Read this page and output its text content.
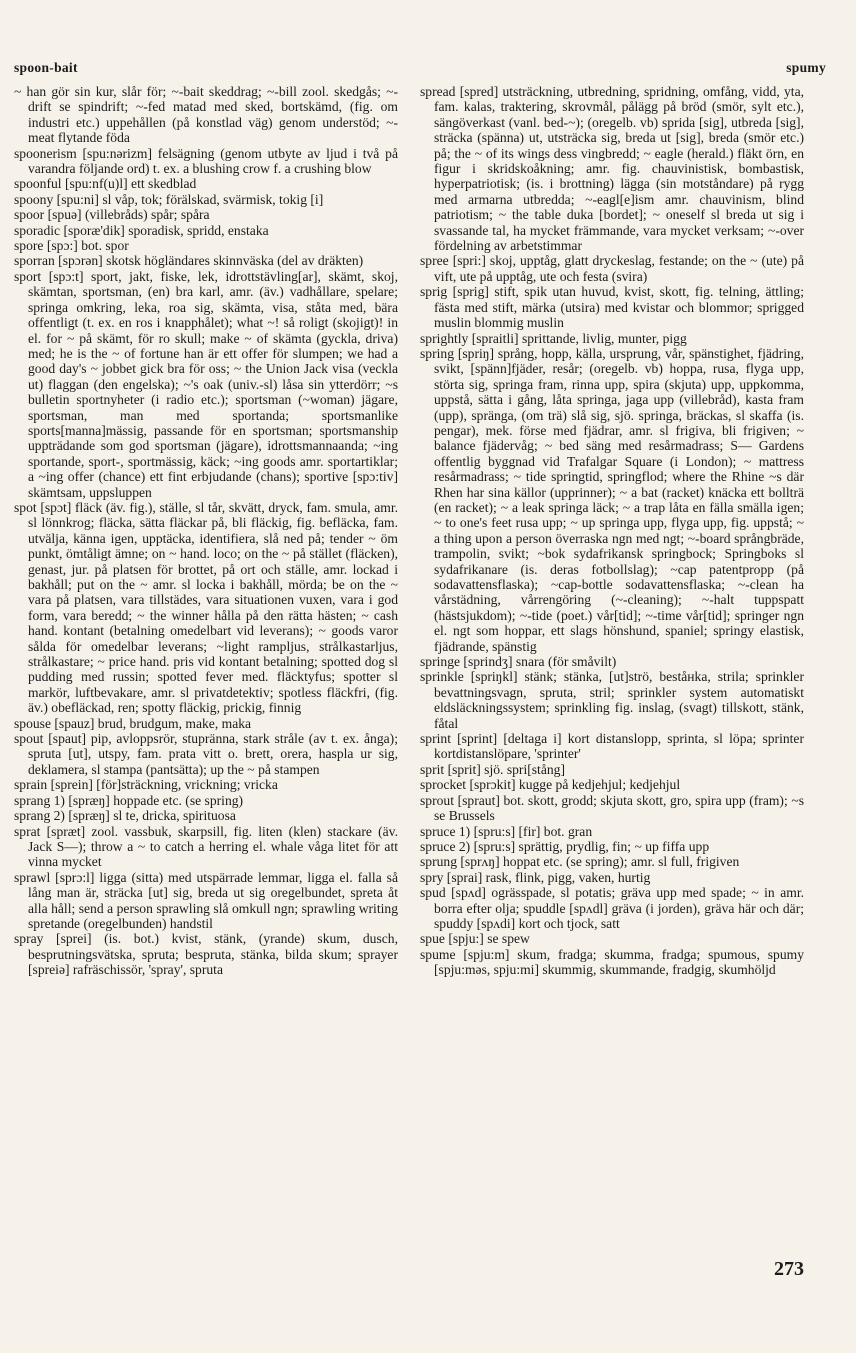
spoon-bait	spumy

~ han gör sin kur, slår för; ~-bait skeddrag; ~-bill zool. skedgås; ~-drift se spindrift; ~-fed matad med sked, bortskämd, (fig. om industri etc.) uppehållen (på konstlad väg) genom understöd; ~-meat flytande föda

spoonerism [spu:nərizm] felsägning (genom utbyte av ljud i två på varandra följande ord) t. ex. a blushing crow f. a crushing blow

spoonful [spu:nf(u)l] ett skedblad

spoony [spu:ni] sl våp, tok; förälskad, svärmisk, tokig [i]

spoor [spuə] (villebråds) spår; spåra

sporadic [sporæ'dik] sporadisk, spridd, enstaka

spore [spɔ:] bot. spor

sporran [spɔrən] skotsk högländares skinnväska (del av dräkten)

sport [spɔ:t] sport, jakt, fiske, lek, idrottstävling[ar], skämt, skoj, skämtan, sportsman, (en) bra karl, amr. (äv.) vadhållare, spelare; springa omkring, leka, roa sig, skämta, visa, ståta med, bära offentligt (t. ex. en ros i knapphålet); what ~! så roligt (skojigt)! in el. for ~ på skämt, för ro skull; make ~ of skämta (gyckla, driva) med; he is the ~ of fortune han är ett offer för slumpen; we had a good day's ~ jobbet gick bra för oss; ~ the Union Jack visa (veckla ut) flaggan (den engelska); ~'s oak (univ.-sl) låsa sin ytterdörr; ~s bulletin sportnyheter (i radio etc.); sportsman (~woman) jägare, sportsman, man med sportanda; sportsmanlike sports[manna]mässig, passande för en sportsman; sportsmanship uppträdande som god sportsman (jägare), idrottsmannaanda; ~ing sportande, sport-, sportmässig, käck; ~ing goods amr. sportartiklar; a ~ing offer (chance) ett fint erbjudande (chans); sportive [spɔ:tiv] skämtsam, uppsluppen

spot [spɔt] fläck (äv. fig.), ställe, sl tår, skvätt, dryck, fam. smula, amr. sl lönnkrog; fläcka, sätta fläckar på, bli fläckig, fig. befläcka, fam. utvälja, känna igen, upptäcka, identifiera, slå ned på; tender ~ öm punkt, ömtåligt ämne; on ~ hand. loco; on the ~ på stället (fläcken), genast, jur. på platsen för brottet, på ort och ställe, amr. lockad i bakhåll; put on the ~ amr. sl locka i bakhåll, mörda; be on the ~ vara på platsen, vara tillstädes, vara situationen vuxen, vara i god form, vara beredd; ~ the winner hålla på den rätta hästen; ~ cash hand. kontant (betalning omedelbart vid leverans); ~ goods varor sålda för omedelbar leverans; ~light rampljus, strålkastarljus, strålkastare; ~ price hand. pris vid kontant betalning; spotted dog sl pudding med russin; spotted fever med. fläcktyfus; spotter sl markör, luftbevakare, amr. sl privatdetektiv; spotless fläckfri, (fig. äv.) obefläckad, ren; spotty fläckig, prickig, finnig

spouse [spauz] brud, brudgum, make, maka

spout [spaut] pip, avloppsrör, stupränna, stark stråle (av t. ex. ånga); spruta [ut], utspy, fam. prata vitt o. brett, orera, haspla ur sig, deklamera, sl stampa (pantsätta); up the ~ på stampen

sprain [sprein] [för]sträckning, vrickning; vricka

sprang 1) [spræŋ] hoppade etc. (se spring)

sprang 2) [spræŋ] sl te, dricka, spirituosa

sprat [spræt] zool. vassbuk, skarpsill, fig. liten (klen) stackare (äv. Jack S—); throw a ~ to catch a herring el. whale våga litet för att vinna mycket

sprawl [sprɔ:l] ligga (sitta) med utspärrade lemmar, ligga el. falla så lång man är, sträcka [ut] sig, breda ut sig oregelbundet, spreta åt alla håll; send a person sprawling slå omkull ngn; sprawling writing spretande (oregelbunden) handstil

spray [sprei] (is. bot.) kvist, stänk, (yrande) skum, dusch, besprutningsvätska, spruta; bespruta, stänka, bilda skum; sprayer [spreiə] rafräschissör, 'spray', spruta

spread [spred] utsträckning, utbredning, spridning, omfång, vidd, yta, fam. kalas, traktering, skrovmål, pålägg på bröd (smör, sylt etc.), sängöverkast (vanl. bed-~); (oregelb. vb) sprida [sig], utbreda [sig], sträcka (spänna) ut, utsträcka sig, breda ut [sig], breda (smör etc.) på; the ~ of its wings dess vingbredd; ~ eagle (herald.) fläkt örn, en figur i skridskoåkning; amr. fig. chauvinistisk, bombastisk, hyperpatriotisk; (is. i brottning) lägga (sin motståndare) på rygg med armarna utbredda; ~-eagl[e]ism amr. chauvinism, blind patriotism; ~ the table duka [bordet]; ~ oneself sl breda ut sig i svassande tal, ha mycket främmande, vara mycket verksam; ~-over fördelning av arbetstimmar

spree [spri:] skoj, upptåg, glatt dryckeslag, festande; on the ~ (ute) på vift, ute på upptåg, ute och festa (svira)

sprig [sprig] stift, spik utan huvud, kvist, skott, fig. telning, ättling; fästa med stift, märka (utsira) med kvistar och blommor; sprigged muslin blommig muslin

sprightly [spraitli] sprittande, livlig, munter, pigg

spring [spriŋ] språng, hopp, källa, ursprung, vår, spänstighet, fjädring, svikt, [spänn]fjäder, resår; (oregelb. vb) hoppa, rusa, flyga upp, störta sig, springa fram, rinna upp, spira (skjuta) upp, uppkomma, uppstå, sätta i gång, låta springa, jaga upp (villebråd), kasta fram (upp), spränga, (om trä) slå sig, sjö. springa, bräckas, sl skaffa (is. pengar), mek. förse med fjädrar, amr. sl frigiva, bli frigiven; ~ balance fjädervåg; ~ bed säng med resårmadrass; S— Gardens offentlig byggnad vid Trafalgar Square (i London); ~ mattress resårmadrass; ~ tide springtid, springflod; where the Rhine ~s där Rhen har sina källor (upprinner); ~ a bat (racket) knäcka ett bollträ (en racket); ~ a leak springa läck; ~ a trap låta en fälla smälla igen; ~ to one's feet rusa upp; ~ up springa upp, flyga upp, fig. uppstå; ~ a thing upon a person överraska ngn med ngt; ~-board språngbräde, trampolin, svikt; ~bok sydafrikansk springbock; Springboks sl sydafrikanare (is. deras fotbollslag); ~cap patentpropp (på sodavattensflaska); ~cap-bottle sodavattensflaska; ~-clean ha vårstädning, vårrengöring (~-cleaning); ~-halt tuppspatt (hästsjukdom); ~-tide (poet.) vår[tid]; ~-time vår[tid]; springer ngn el. ngt som hoppar, ett slags hönshund, spaniel; springy elastisk, fjädrande, spänstig

springe [sprindʒ] snara (för småvilt)

sprinkle [spriŋkl] stänk; stänka, [ut]strö, beståнka, strila; sprinkler bevattningsvagn, spruta, stril; sprinkler system automatiskt eldsläckningssystem; sprinkling fig. inslag, (svagt) tillskott, stänk, fåtal

sprint [sprint] [deltaga i] kort distanslopp, sprinta, sl löpa; sprinter kortdistanslöpare, 'sprinter'

sprit [sprit] sjö. spri[stång]

sprocket [sprɔkit] kugge på kedjehjul; kedjehjul

sprout [spraut] bot. skott, grodd; skjuta skott, gro, spira upp (fram); ~s se Brussels

spruce 1) [spru:s] [fir] bot. gran

spruce 2) [spru:s] sprättig, prydlig, fin; ~ up fiffa upp

sprung [sprʌŋ] hoppat etc. (se spring); amr. sl full, frigiven

spry [sprai] rask, flink, pigg, vaken, hurtig

spud [spʌd] ogrässpade, sl potatis; gräva upp med spade; ~ in amr. borra efter olja; spuddle [spʌdl] gräva (i jorden), gräva här och där; spuddy [spʌdi] kort och tjock, satt

spue [spju:] se spew

spume [spju:m] skum, fradga; skumma, fradga; spumous, spumy [spju:məs, spju:mi] skummig, skummande, fradgig, skumhöljd

273
